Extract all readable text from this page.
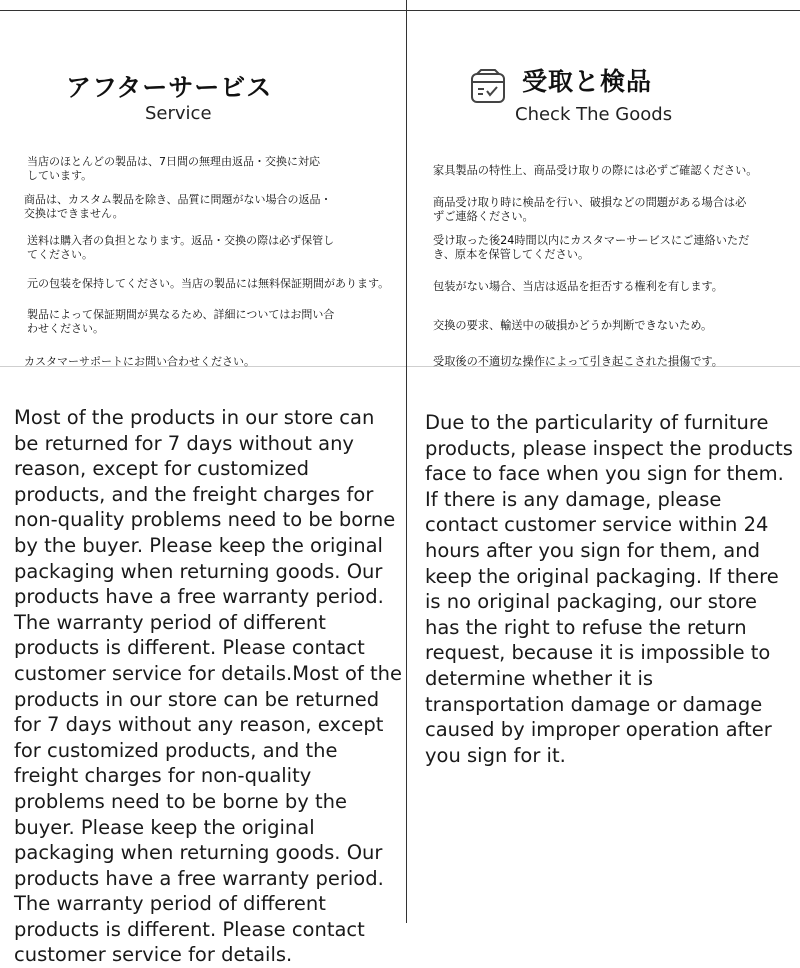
アフターサービス
Service
当店のほとんどの製品は、7日間の無理由返品・交換に対応
しています。
商品は、カスタム製品を除き、品質に問題がない場合の返品・
交換はできません。
送料は購入者の負担となります。返品・交換の際は必ず保管し
てください。
元の包装を保持してください。当店の製品には無料保証期間があります。
製品によって保証期間が異なるため、詳細についてはお問い合
わせください。
カスタマーサポートにお問い合わせください。
受取と検品
Check The Goods
家具製品の特性上、商品受け取りの際には必ずご確認ください。
商品受け取り時に検品を行い、破損などの問題がある場合は必
ずご連絡ください。
受け取った後24時間以内にカスタマーサービスにご連絡いただ
き、原本を保管してください。
包装がない場合、当店は返品を拒否する権利を有します。
交換の要求、輸送中の破損かどうか判断できないため。
受取後の不適切な操作によって引き起こされた損傷です。

Most of the products in our store can be returned for 7 days without any reason, except for customized products, and the freight charges for non-quality problems need to be borne by the buyer. Please keep the original packaging when returning goods. Our products have a free warranty period. The warranty period of different products is different. Please contact customer service for details.Most of the products in our store can be returned for 7 days without any reason, except for customized products, and the freight charges for non-quality problems need to be borne by the buyer. Please keep the original packaging when returning goods. Our products have a free warranty period. The warranty period of different products is different. Please contact customer service for details.

Due to the particularity of furniture products, please inspect the products face to face when you sign for them. If there is any damage, please contact customer service within 24 hours after you sign for them, and keep the original packaging. If there is no original packaging, our store has the right to refuse the return request, because it is impossible to determine whether it is transportation damage or damage caused by improper operation after you sign for it.
